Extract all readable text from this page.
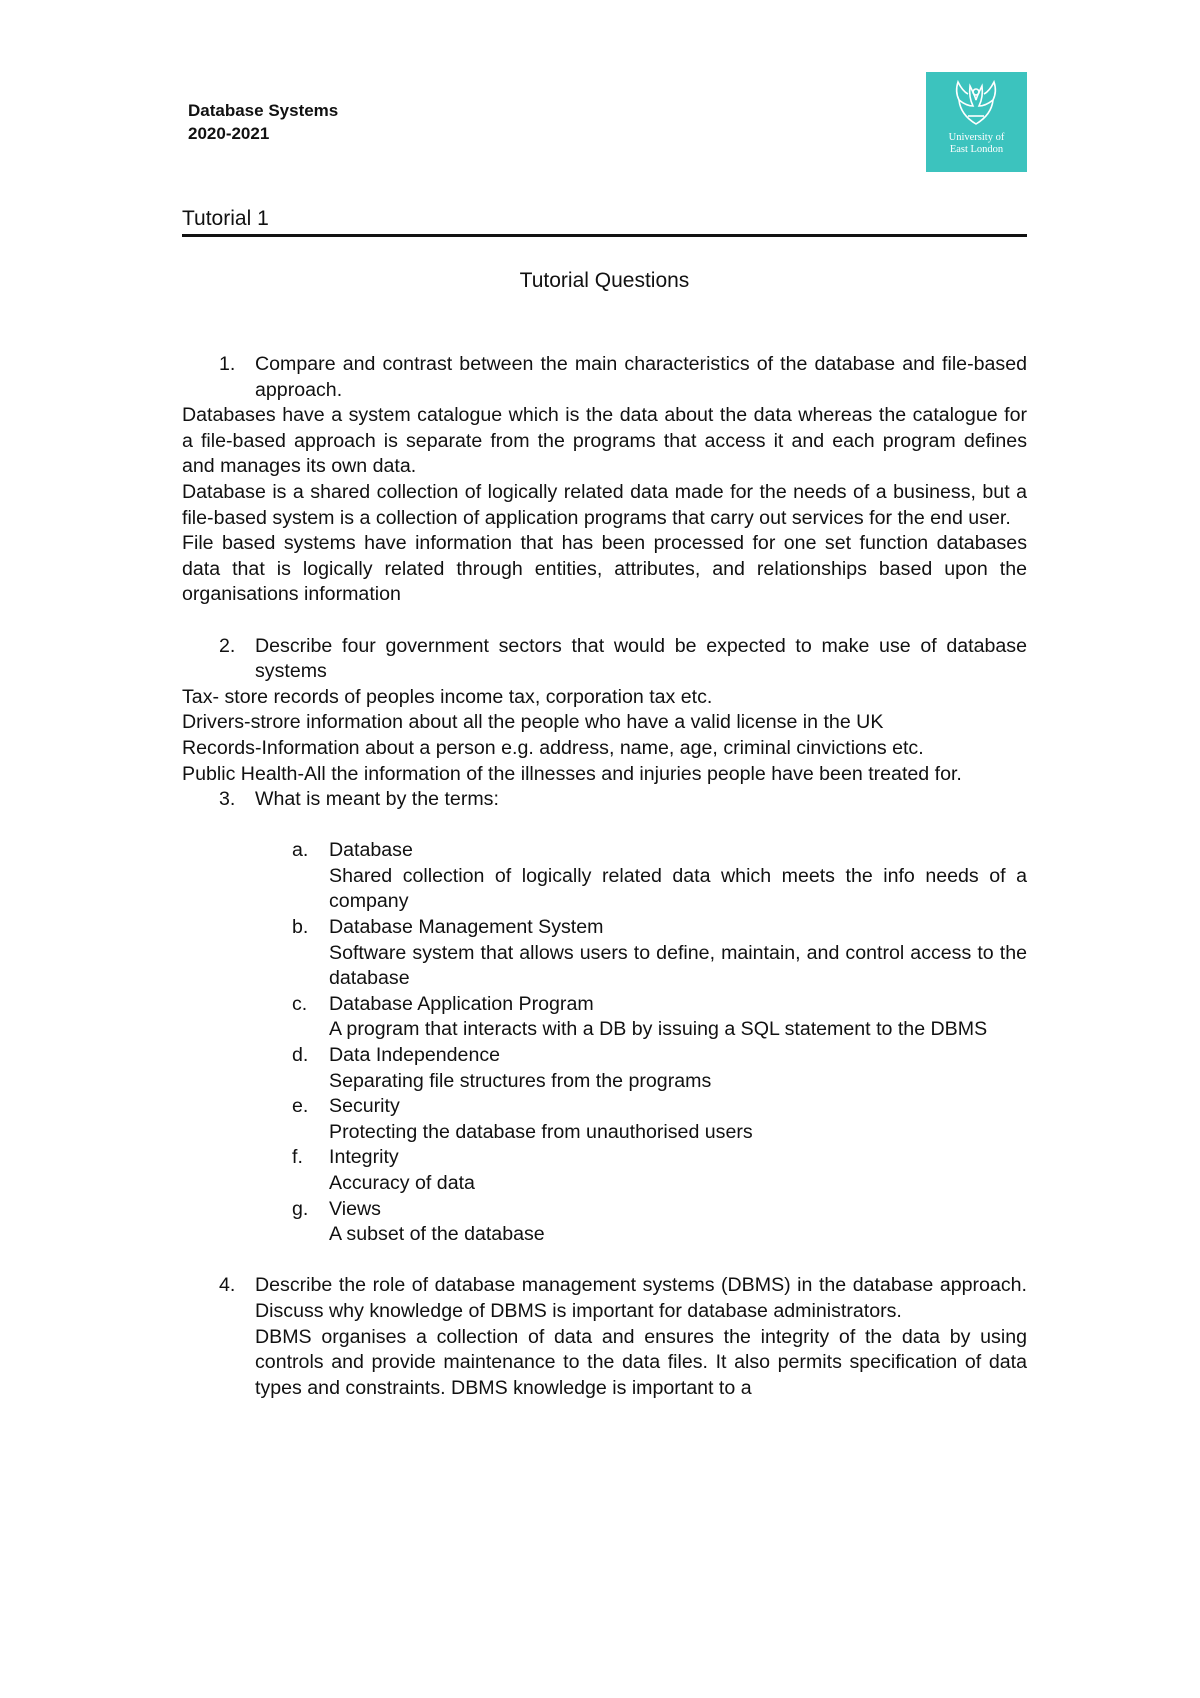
Database Systems
2020-2021	University of
East London
Tutorial 1
Tutorial Questions
1. Compare and contrast between the main characteristics of the database and file-based approach.

Databases have a system catalogue which is the data about the data whereas the catalogue for a file-based approach is separate from the programs that access it and each program defines and manages its own data.

Database is a shared collection of logically related data made for the needs of a business, but a file-based system is a collection of application programs that carry out services for the end user.

File based systems have information that has been processed for one set function databases data that is logically related through entities, attributes, and relationships based upon the organisations information

2. Describe four government sectors that would be expected to make use of database systems

Tax- store records of peoples income tax, corporation tax etc.

Drivers-strore information about all the people who have a valid license in the UK

Records-Information about a person e.g. address, name, age, criminal cinvictions etc.

Public Health-All the information of the illnesses and injuries people have been treated for.

3. What is meant by the terms:
a. Database
Shared collection of logically related data which meets the info needs of a company
b. Database Management System
Software system that allows users to define, maintain, and control access to the database
c. Database Application Program
A program that interacts with a DB by issuing a SQL statement to the DBMS
d. Data Independence
Separating file structures from the programs
e. Security
Protecting the database from unauthorised users
f. Integrity
Accuracy of data
g. Views
A subset of the database
4. Describe the role of database management systems (DBMS) in the database approach. Discuss why knowledge of DBMS is important for database administrators.
DBMS organises a collection of data and ensures the integrity of the data by using controls and provide maintenance to the data files. It also permits specification of data types and constraints. DBMS knowledge is important to a
